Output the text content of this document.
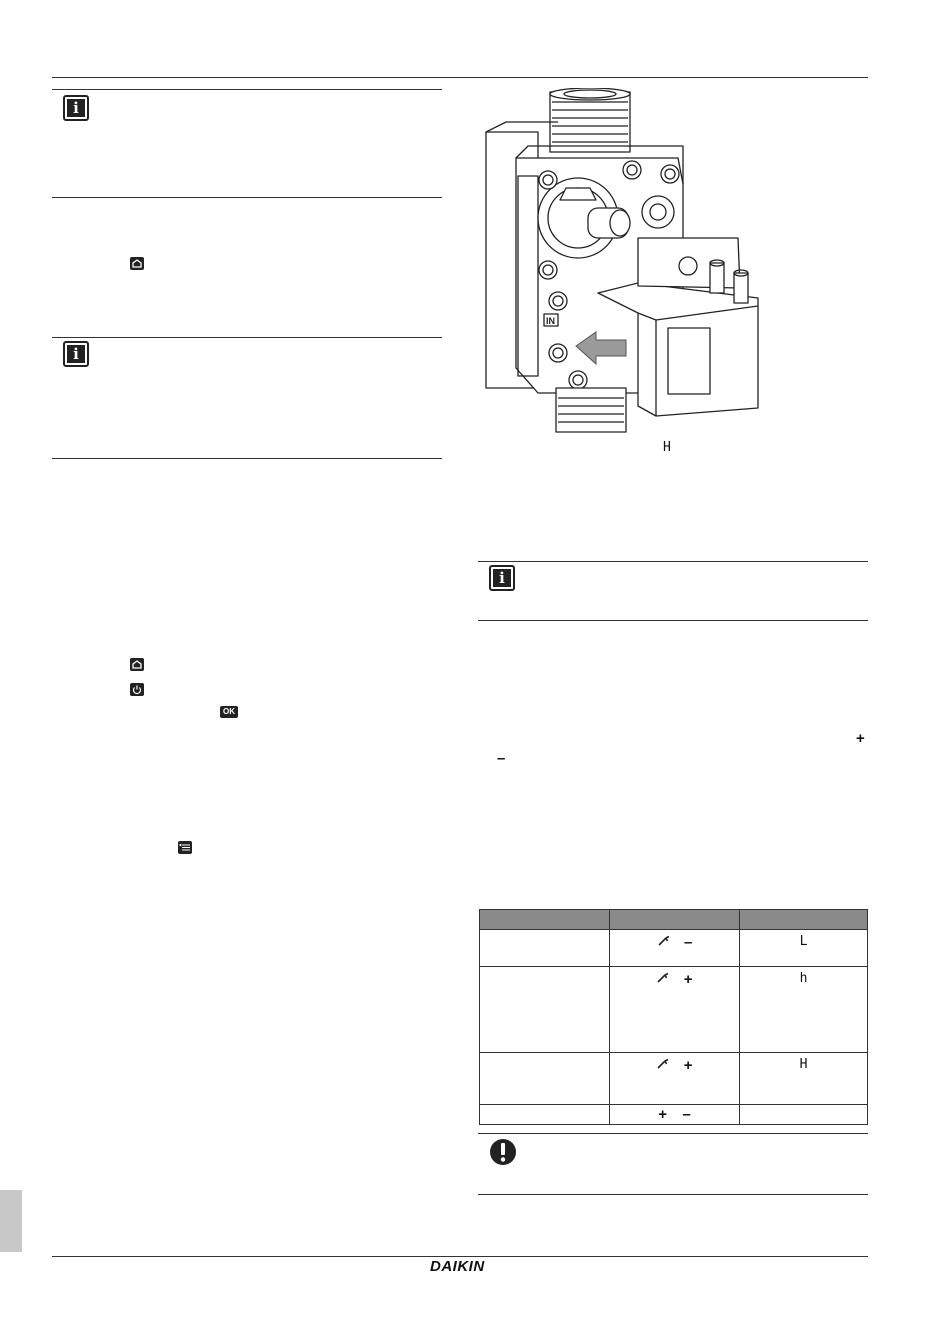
i
i
OK
IN
H
i
+
–

	–	L
	+	h
	+	H
	+ –	
DAIKIN
